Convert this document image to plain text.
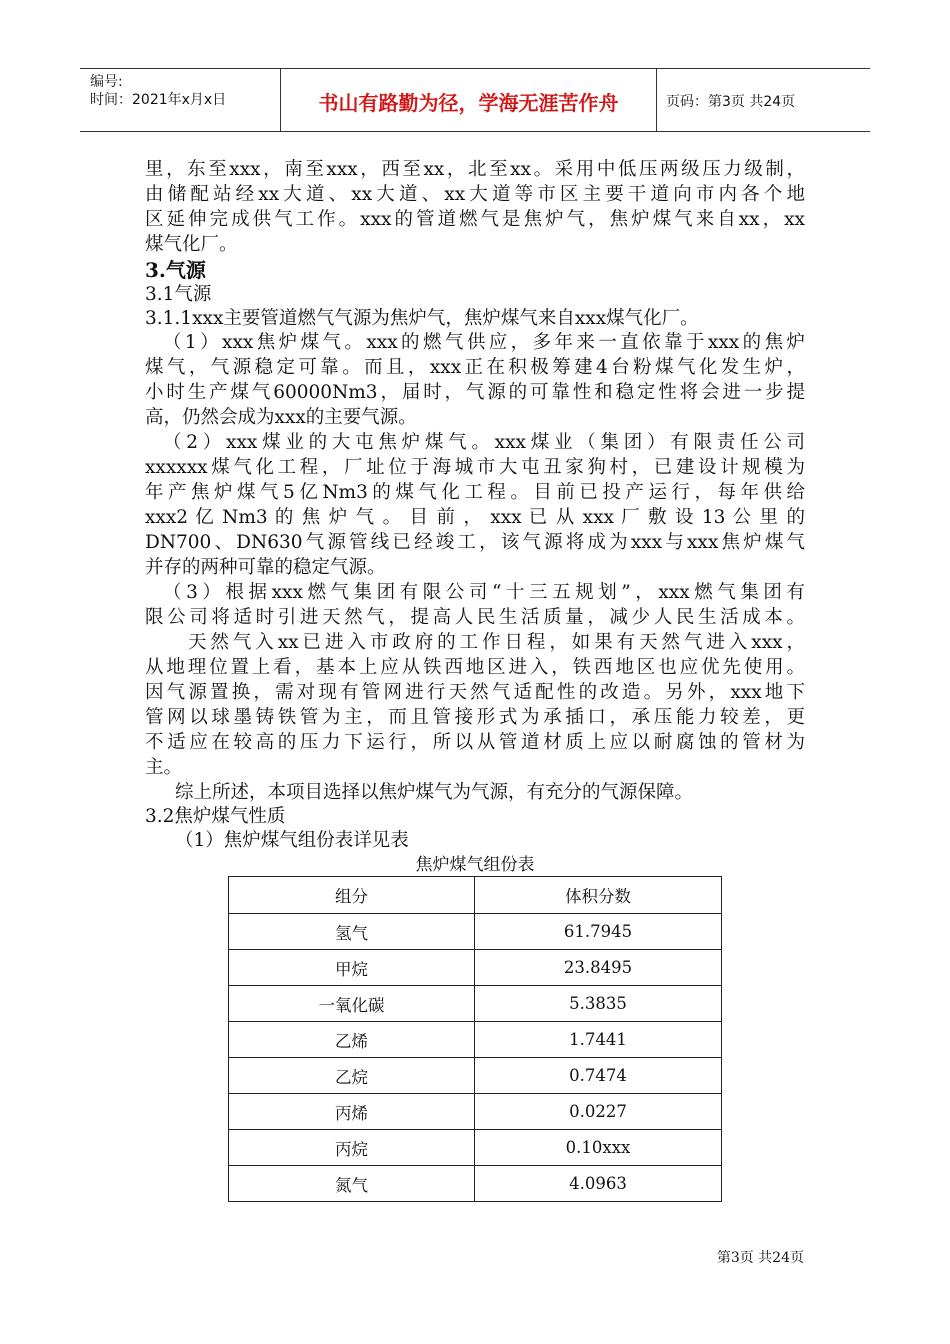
编号:
时间：2021年x月x日	书山有路勤为径，学海无涯苦作舟	页码：第3页 共24页
里，东至xxx，南至xxx，西至xx，北至xx。采用中低压两级压力级制，
由储配站经xx大道、xx大道、xx大道等市区主要干道向市内各个地
区延伸完成供气工作。xxx的管道燃气是焦炉气，焦炉煤气来自xx，xx
煤气化厂。
3.气源
3.1气源
3.1.1xxx主要管道燃气气源为焦炉气，焦炉煤气来自xxx煤气化厂。
（1）xxx焦炉煤气。xxx的燃气供应，多年来一直依靠于xxx的焦炉
煤气，气源稳定可靠。而且，xxx正在积极筹建4台粉煤气化发生炉，
小时生产煤气60000Nm3，届时，气源的可靠性和稳定性将会进一步提
高，仍然会成为xxx的主要气源。
（2）xxx煤业的大屯焦炉煤气。xxx煤业（集团）有限责任公司
xxxxxx煤气化工程，厂址位于海城市大屯丑家狗村，已建设计规模为
年产焦炉煤气5亿Nm3的煤气化工程。目前已投产运行，每年供给
xxx2 亿 Nm3 的 焦 炉 气 。 目 前 ， xxx 已 从 xxx 厂 敷 设 13 公 里 的
DN700、DN630气源管线已经竣工，该气源将成为xxx与xxx焦炉煤气
并存的两种可靠的稳定气源。
（3）根据xxx燃气集团有限公司“十三五规划”，xxx燃气集团有
限公司将适时引进天然气，提高人民生活质量，减少人民生活成本。
天然气入xx已进入市政府的工作日程，如果有天然气进入xxx，
从地理位置上看，基本上应从铁西地区进入，铁西地区也应优先使用。
因气源置换，需对现有管网进行天然气适配性的改造。另外，xxx地下
管网以球墨铸铁管为主，而且管接形式为承插口，承压能力较差，更
不适应在较高的压力下运行，所以从管道材质上应以耐腐蚀的管材为
主。
综上所述，本项目选择以焦炉煤气为气源，有充分的气源保障。
3.2焦炉煤气性质
（1）焦炉煤气组份表详见表
焦炉煤气组份表
组分	体积分数
氢气	61.7945
甲烷	23.8495
一氧化碳	5.3835
乙烯	1.7441
乙烷	0.7474
丙烯	0.0227
丙烷	0.10xxx
氮气	4.0963
第3页 共24页
